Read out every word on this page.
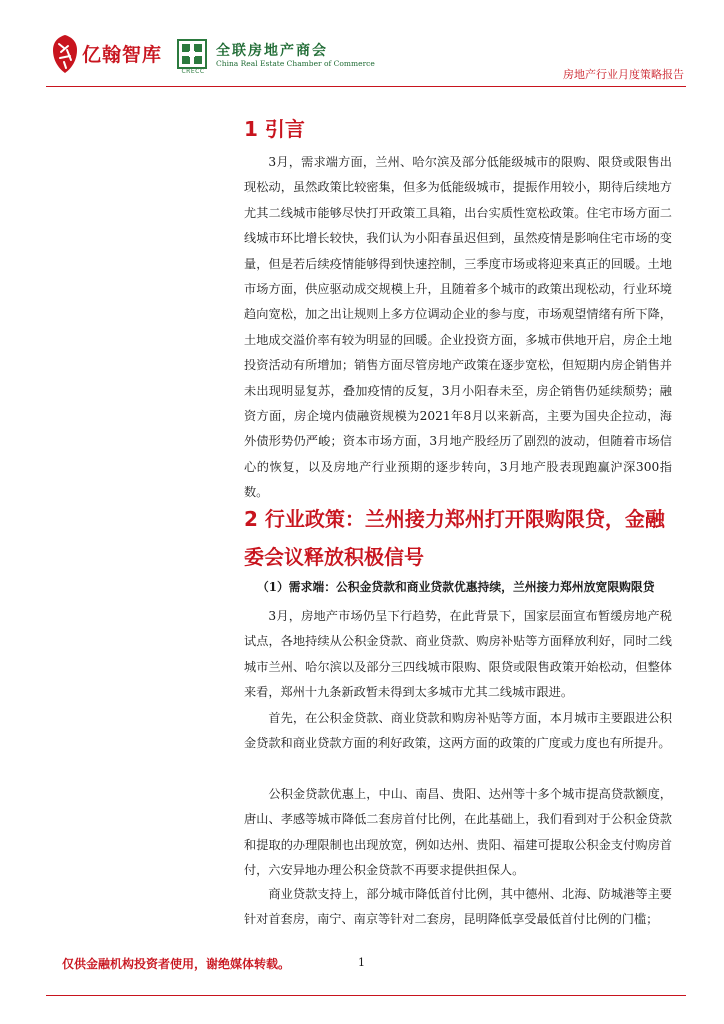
亿翰智库
CRECC
全联房地产商会
China Real Estate Chamber of Commerce
房地产行业月度策略报告
1 引言

3月，需求端方面，兰州、哈尔滨及部分低能级城市的限购、限贷或限售出现松动，虽然政策比较密集，但多为低能级城市，提振作用较小，期待后续地方尤其二线城市能够尽快打开政策工具箱，出台实质性宽松政策。住宅市场方面二线城市环比增长较快，我们认为小阳春虽迟但到，虽然疫情是影响住宅市场的变量，但是若后续疫情能够得到快速控制，三季度市场或将迎来真正的回暖。土地市场方面，供应驱动成交规模上升，且随着多个城市的政策出现松动，行业环境趋向宽松，加之出让规则上多方位调动企业的参与度，市场观望情绪有所下降，土地成交溢价率有较为明显的回暖。企业投资方面，多城市供地开启，房企土地投资活动有所增加；销售方面尽管房地产政策在逐步宽松，但短期内房企销售并未出现明显复苏，叠加疫情的反复，3月小阳春未至，房企销售仍延续颓势；融资方面，房企境内债融资规模为2021年8月以来新高，主要为国央企拉动，海外债形势仍严峻；资本市场方面，3月地产股经历了剧烈的波动，但随着市场信心的恢复，以及房地产行业预期的逐步转向，3月地产股表现跑赢沪深300指数。

2 行业政策：兰州接力郑州打开限购限贷，金融委会议释放积极信号

（1）需求端：公积金贷款和商业贷款优惠持续，兰州接力郑州放宽限购限贷

3月，房地产市场仍呈下行趋势，在此背景下，国家层面宣布暂缓房地产税试点，各地持续从公积金贷款、商业贷款、购房补贴等方面释放利好，同时二线城市兰州、哈尔滨以及部分三四线城市限购、限贷或限售政策开始松动，但整体来看，郑州十九条新政暂未得到太多城市尤其二线城市跟进。

首先，在公积金贷款、商业贷款和购房补贴等方面，本月城市主要跟进公积金贷款和商业贷款方面的利好政策，这两方面的政策的广度或力度也有所提升。

公积金贷款优惠上，中山、南昌、贵阳、达州等十多个城市提高贷款额度，唐山、孝感等城市降低二套房首付比例，在此基础上，我们看到对于公积金贷款和提取的办理限制也出现放宽，例如达州、贵阳、福建可提取公积金支付购房首付，六安异地办理公积金贷款不再要求提供担保人。

商业贷款支持上，部分城市降低首付比例，其中德州、北海、防城港等主要针对首套房，南宁、南京等针对二套房，昆明降低享受最低首付比例的门槛；

仅供金融机构投资者使用，谢绝媒体转载。	1
